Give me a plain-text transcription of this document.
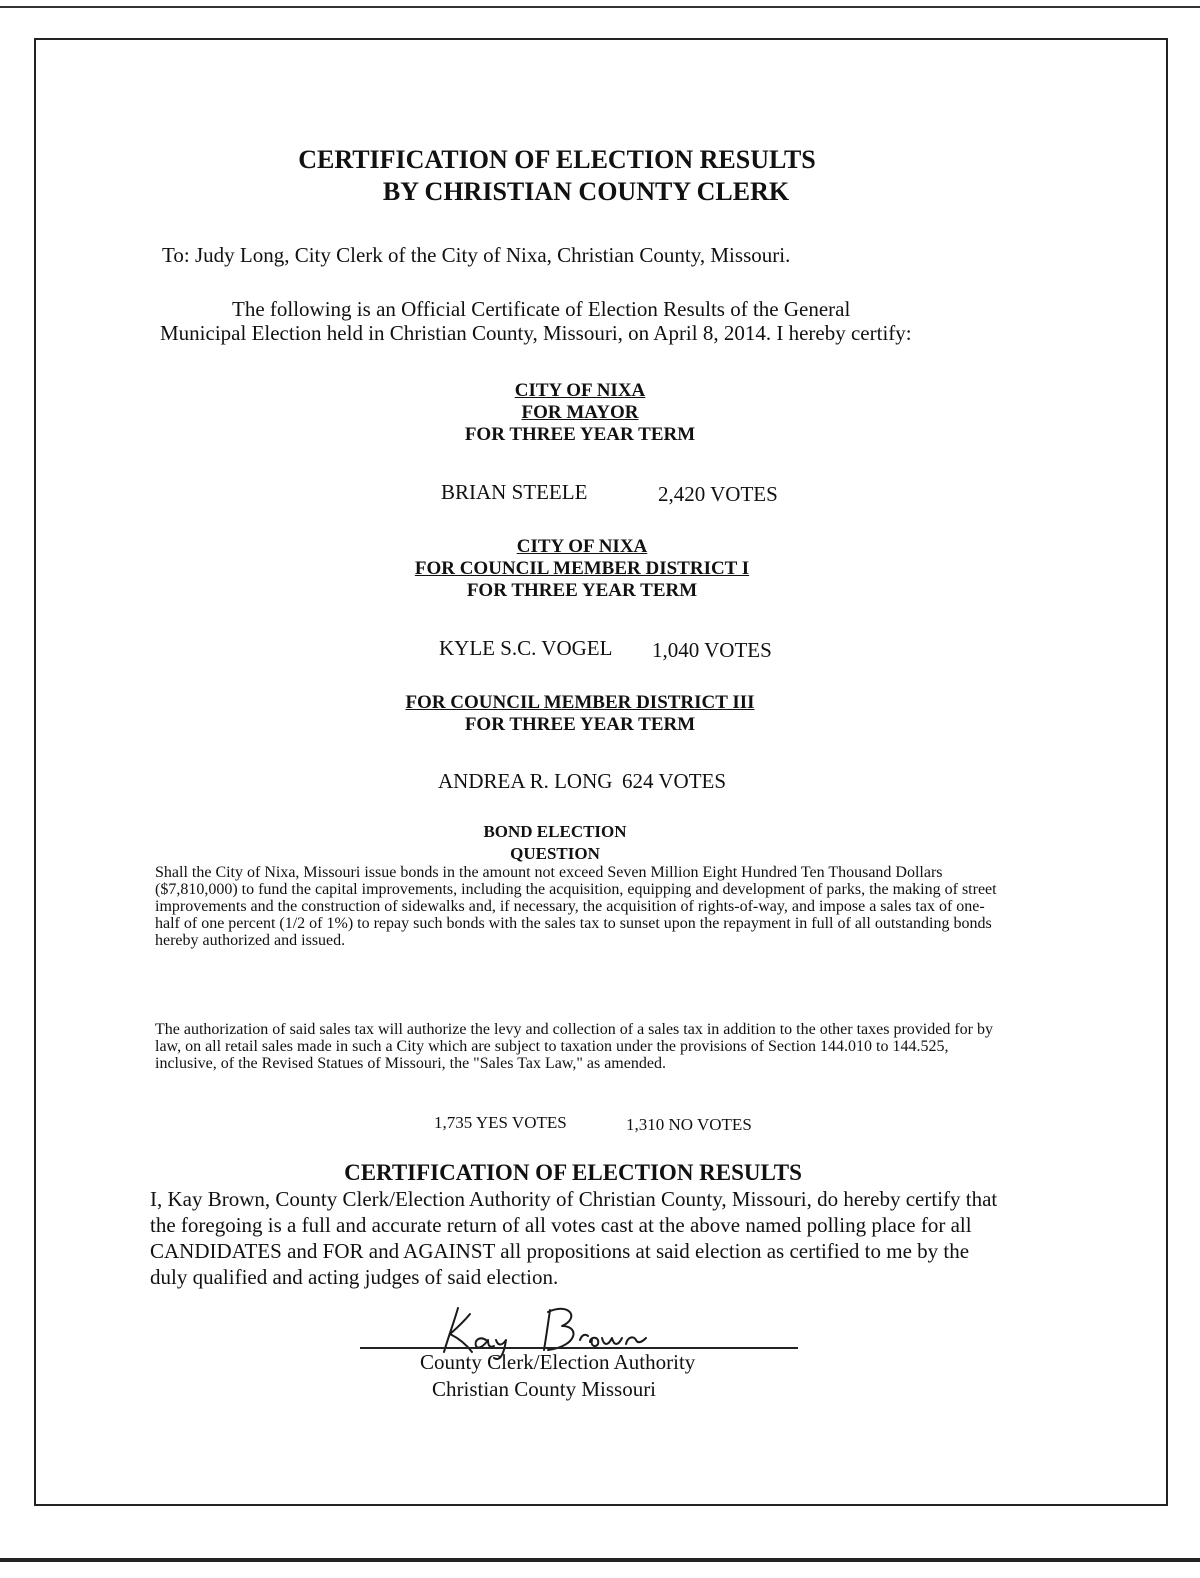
CERTIFICATION OF ELECTION RESULTS
BY CHRISTIAN COUNTY CLERK
To: Judy Long, City Clerk of the City of Nixa, Christian County, Missouri.
The following is an Official Certificate of Election Results of the General
Municipal Election held in Christian County, Missouri, on April 8, 2014. I hereby certify:
CITY OF NIXA
FOR MAYOR
FOR THREE YEAR TERM
BRIAN STEELE	2,420 VOTES
CITY OF NIXA
FOR COUNCIL MEMBER DISTRICT I
FOR THREE YEAR TERM
KYLE S.C. VOGEL 1,040 VOTES
FOR COUNCIL MEMBER DISTRICT III
FOR THREE YEAR TERM
ANDREA R. LONG 624 VOTES
BOND ELECTION
QUESTION
Shall the City of Nixa, Missouri issue bonds in the amount not exceed Seven Million Eight Hundred Ten Thousand Dollars ($7,810,000) to fund the capital improvements, including the acquisition, equipping and development of parks, the making of street improvements and the construction of sidewalks and, if necessary, the acquisition of rights-of-way, and impose a sales tax of one-half of one percent (1/2 of 1%) to repay such bonds with the sales tax to sunset upon the repayment in full of all outstanding bonds hereby authorized and issued.
The authorization of said sales tax will authorize the levy and collection of a sales tax in addition to the other taxes provided for by law, on all retail sales made in such a City which are subject to taxation under the provisions of Section 144.010 to 144.525, inclusive, of the Revised Statues of Missouri, the "Sales Tax Law," as amended.
1,735 YES VOTES	1,310 NO VOTES
CERTIFICATION OF ELECTION RESULTS
I, Kay Brown, County Clerk/Election Authority of Christian County, Missouri, do hereby certify that the foregoing is a full and accurate return of all votes cast at the above named polling place for all CANDIDATES and FOR and AGAINST all propositions at said election as certified to me by the duly qualified and acting judges of said election.
County Clerk/Election Authority
Christian County Missouri
